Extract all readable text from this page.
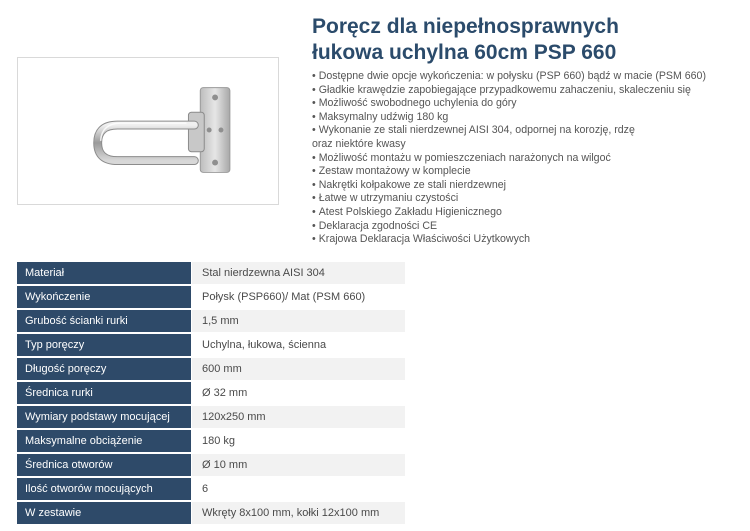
Poręcz dla niepełnosprawnych
łukowa uchylna 60cm PSP 660
• Dostępne dwie opcje wykończenia: w połysku (PSP 660) bądź w macie (PSM 660)
• Gładkie krawędzie zapobiegające przypadkowemu zahaczeniu, skaleczeniu się
• Możliwość swobodnego uchylenia do góry
• Maksymalny udźwig 180 kg
• Wykonanie ze stali nierdzewnej AISI 304, odpornej na korozję, rdzę
oraz niektóre kwasy
• Możliwość montażu w pomieszczeniach narażonych na wilgoć
• Zestaw montażowy w komplecie
• Nakrętki kołpakowe ze stali nierdzewnej
• Łatwe w utrzymaniu czystości
• Atest Polskiego Zakładu Higienicznego
• Deklaracja zgodności CE
• Krajowa Deklaracja Właściwości Użytkowych
Materiał	Stal nierdzewna AISI 304
Wykończenie	Połysk (PSP660)/ Mat (PSM 660)
Grubość ścianki rurki	1,5 mm
Typ poręczy	Uchylna, łukowa, ścienna
Długość poręczy	600 mm
Średnica rurki	Ø 32 mm
Wymiary podstawy mocującej	120x250 mm
Maksymalne obciążenie	180 kg
Średnica otworów	Ø 10 mm
Ilość otworów mocujących	6
W zestawie	Wkręty 8x100 mm, kołki 12x100 mm
